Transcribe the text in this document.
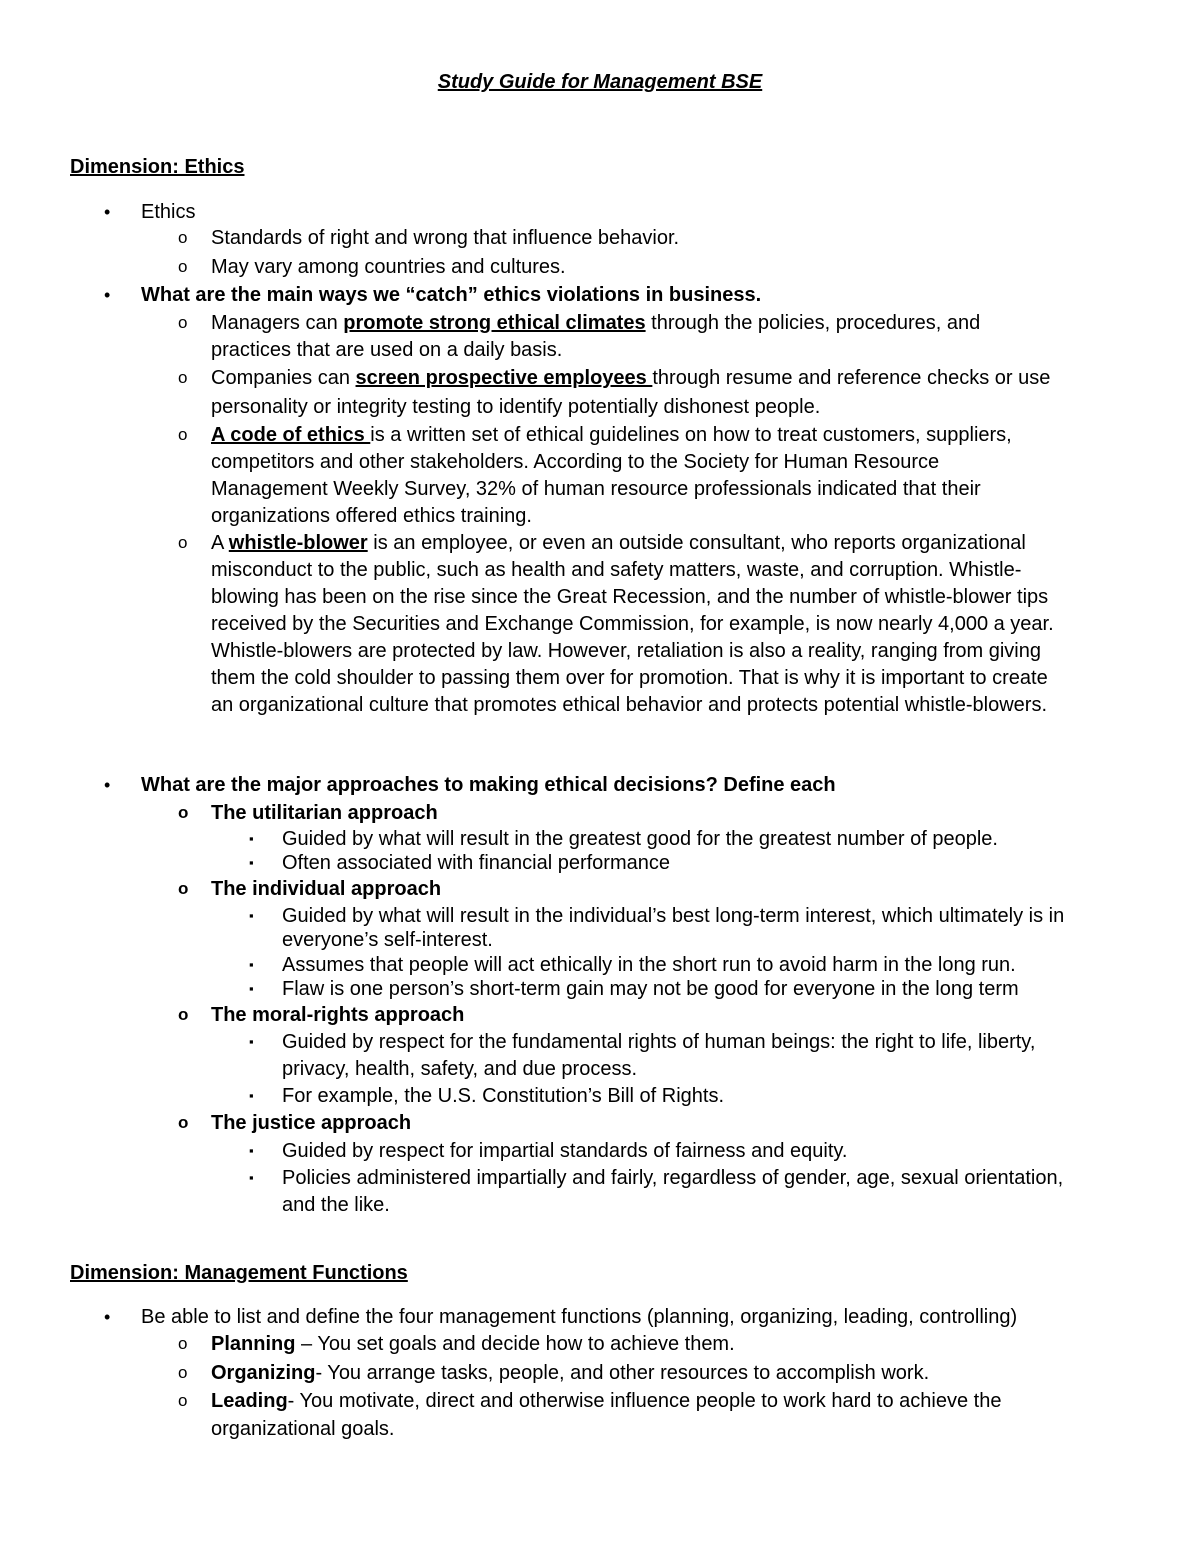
Study Guide for Management BSE
Dimension: Ethics
• Ethics
o Standards of right and wrong that influence behavior.
o May vary among countries and cultures.
• What are the main ways we “catch” ethics violations in business.
o Managers can promote strong ethical climates through the policies, procedures, and
practices that are used on a daily basis.
o Companies can screen prospective employees through resume and reference checks or use
personality or integrity testing to identify potentially dishonest people.
o A code of ethics is a written set of ethical guidelines on how to treat customers, suppliers,
competitors and other stakeholders. According to the Society for Human Resource
Management Weekly Survey, 32% of human resource professionals indicated that their
organizations offered ethics training.
o A whistle-blower is an employee, or even an outside consultant, who reports organizational
misconduct to the public, such as health and safety matters, waste, and corruption. Whistle-
blowing has been on the rise since the Great Recession, and the number of whistle-blower tips
received by the Securities and Exchange Commission, for example, is now nearly 4,000 a year.
Whistle-blowers are protected by law. However, retaliation is also a reality, ranging from giving
them the cold shoulder to passing them over for promotion. That is why it is important to create
an organizational culture that promotes ethical behavior and protects potential whistle-blowers.
• What are the major approaches to making ethical decisions? Define each
o The utilitarian approach
▪ Guided by what will result in the greatest good for the greatest number of people.
▪ Often associated with financial performance
o The individual approach
▪ Guided by what will result in the individual’s best long-term interest, which ultimately is in
everyone’s self-interest.
▪ Assumes that people will act ethically in the short run to avoid harm in the long run.
▪ Flaw is one person’s short-term gain may not be good for everyone in the long term
o The moral-rights approach
▪ Guided by respect for the fundamental rights of human beings: the right to life, liberty,
privacy, health, safety, and due process.
▪ For example, the U.S. Constitution’s Bill of Rights.
o The justice approach
▪ Guided by respect for impartial standards of fairness and equity.
▪ Policies administered impartially and fairly, regardless of gender, age, sexual orientation,
and the like.
Dimension: Management Functions
• Be able to list and define the four management functions (planning, organizing, leading, controlling)
o Planning – You set goals and decide how to achieve them.
o Organizing- You arrange tasks, people, and other resources to accomplish work.
o Leading- You motivate, direct and otherwise influence people to work hard to achieve the
organizational goals.
